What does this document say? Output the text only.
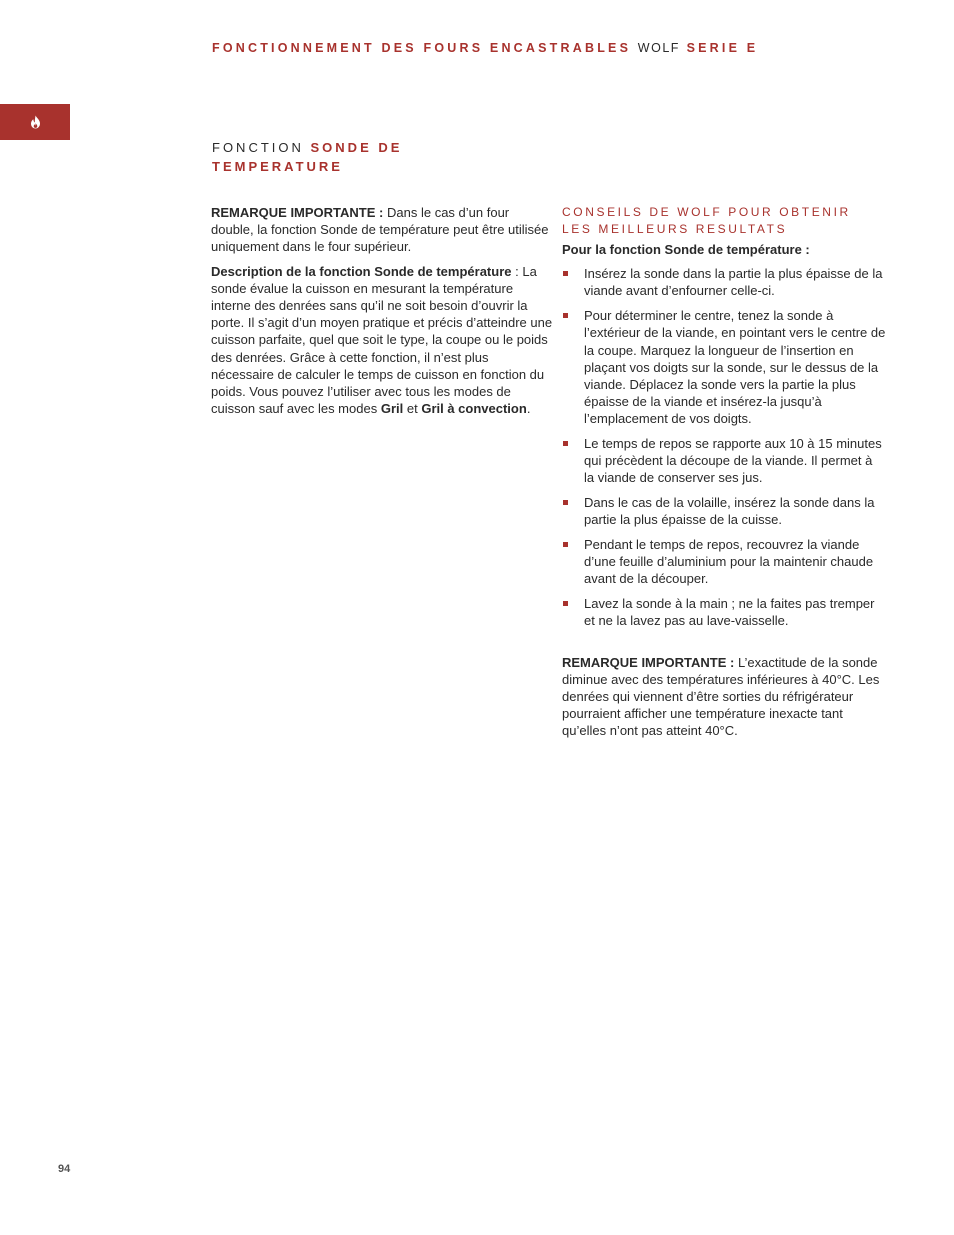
FONCTIONNEMENT DES FOURS ENCASTRABLES WOLF SERIE E
FONCTION SONDE DE TEMPERATURE

REMARQUE IMPORTANTE : Dans le cas d’un four double, la fonction Sonde de température peut être utilisée uniquement dans le four supérieur.

Description de la fonction Sonde de température : La sonde évalue la cuisson en mesurant la température interne des denrées sans qu’il ne soit besoin d’ouvrir la porte. Il s’agit d’un moyen pratique et précis d’atteindre une cuisson parfaite, quel que soit le type, la coupe ou le poids des denrées. Grâce à cette fonction, il n’est plus nécessaire de calculer le temps de cuisson en fonction du poids. Vous pouvez l’utiliser avec tous les modes de cuisson sauf avec les modes Gril et Gril à convection.

CONSEILS DE WOLF POUR OBTENIR LES MEILLEURS RESULTATS

Pour la fonction Sonde de température :

Insérez la sonde dans la partie la plus épaisse de la viande avant d’enfourner celle-ci.
Pour déterminer le centre, tenez la sonde à l’extérieur de la viande, en pointant vers le centre de la coupe. Marquez la longueur de l’insertion en plaçant vos doigts sur la sonde, sur le dessus de la viande. Déplacez la sonde vers la partie la plus épaisse de la viande et insérez-la jusqu’à l’emplacement de vos doigts.
Le temps de repos se rapporte aux 10 à 15 minutes qui précèdent la découpe de la viande. Il permet à la viande de conserver ses jus.
Dans le cas de la volaille, insérez la sonde dans la partie la plus épaisse de la cuisse.
Pendant le temps de repos, recouvrez la viande d’une feuille d’aluminium pour la maintenir chaude avant de la découper.
Lavez la sonde à la main ; ne la faites pas tremper et ne la lavez pas au lave-vaisselle.

REMARQUE IMPORTANTE : L’exactitude de la sonde diminue avec des températures inférieures à 40°C. Les denrées qui viennent d’être sorties du réfrigérateur pourraient afficher une température inexacte tant qu’elles n’ont pas atteint 40°C.

94
